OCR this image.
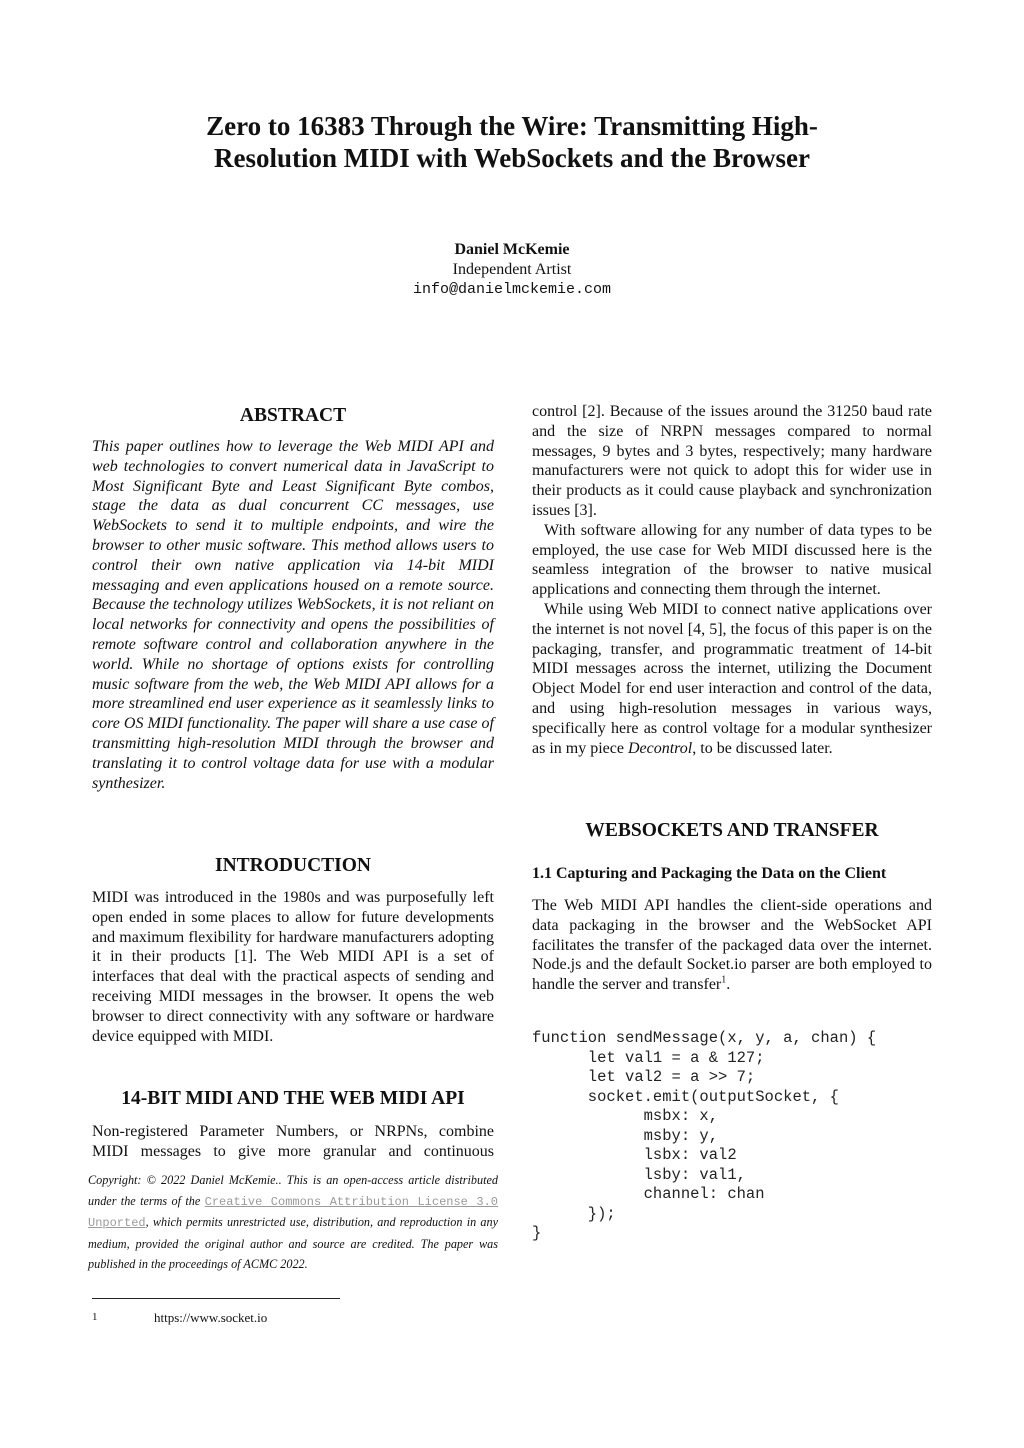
Zero to 16383 Through the Wire: Transmitting High-Resolution MIDI with WebSockets and the Browser
Daniel McKemie
Independent Artist
info@danielmckemie.com
ABSTRACT

This paper outlines how to leverage the Web MIDI API and web technologies to convert numerical data in JavaScript to Most Significant Byte and Least Significant Byte combos, stage the data as dual concurrent CC messages, use WebSockets to send it to multiple endpoints, and wire the browser to other music software. This method allows users to control their own native application via 14-bit MIDI messaging and even applications housed on a remote source. Because the technology utilizes WebSockets, it is not reliant on local networks for connectivity and opens the possibilities of remote software control and collaboration anywhere in the world. While no shortage of options exists for controlling music software from the web, the Web MIDI API allows for a more streamlined end user experience as it seamlessly links to core OS MIDI functionality. The paper will share a use case of transmitting high-resolution MIDI through the browser and translating it to control voltage data for use with a modular synthesizer.

INTRODUCTION

MIDI was introduced in the 1980s and was purposefully left open ended in some places to allow for future developments and maximum flexibility for hardware manufacturers adopting it in their products [1]. The Web MIDI API is a set of interfaces that deal with the practical aspects of sending and receiving MIDI messages in the browser. It opens the web browser to direct connectivity with any software or hardware device equipped with MIDI.

14-BIT MIDI AND THE WEB MIDI API

Non-registered Parameter Numbers, or NRPNs, combine MIDI messages to give more granular and continuous

Copyright: © 2022 Daniel McKemie.. This is an open-access article distributed under the terms of the Creative Commons Attribution License 3.0 Unported, which permits unrestricted use, distribution, and reproduction in any medium, provided the original author and source are credited. The paper was published in the proceedings of ACMC 2022.

1	https://www.socket.io

control [2]. Because of the issues around the 31250 baud rate and the size of NRPN messages compared to normal messages, 9 bytes and 3 bytes, respectively; many hardware manufacturers were not quick to adopt this for wider use in their products as it could cause playback and synchronization issues [3].

With software allowing for any number of data types to be employed, the use case for Web MIDI discussed here is the seamless integration of the browser to native musical applications and connecting them through the internet.

While using Web MIDI to connect native applications over the internet is not novel [4, 5], the focus of this paper is on the packaging, transfer, and programmatic treatment of 14-bit MIDI messages across the internet, utilizing the Document Object Model for end user interaction and control of the data, and using high-resolution messages in various ways, specifically here as control voltage for a modular synthesizer as in my piece Decontrol, to be discussed later.

WEBSOCKETS AND TRANSFER
1.1 Capturing and Packaging the Data on the Client

The Web MIDI API handles the client-side operations and data packaging in the browser and the WebSocket API facilitates the transfer of the packaged data over the internet. Node.js and the default Socket.io parser are both employed to handle the server and transfer$^1$.

function sendMessage(x, y, a, chan) {
let val1 = a & 127;
let val2 = a >> 7;
socket.emit(outputSocket, {
msbx: x,
msby: y,
lsbx: val2
lsby: val1,
channel: chan
});
}
